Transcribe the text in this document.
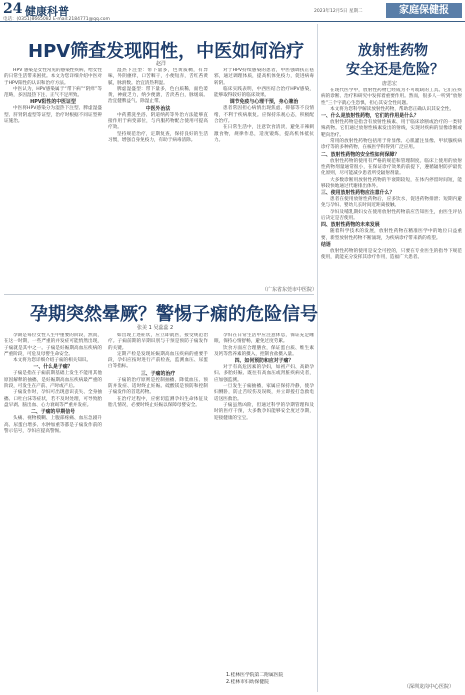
24 健康科普
电话：(0351)8665082 E-mail:2184771@qq.com
2023年12月5日 星期二	家庭保健报
HPV筛查发现阳性，中医如何治疗
赵洋

HPV 感染是女性常见的感染性疾病，给女性的日常生活带来困扰。本文为您详细介绍中医对于HPV阳性的认识和治疗方法。

中医认为，HPV感染属于“带下病”“阴痒”等范畴，多因湿热下注、正气不足所致。

HPV阳性的中医证型

中医将HPV感染分为湿热下注型、脾虚湿盛型、肝肾阴虚型等证型，治疗时根据不同证型辨证施治。

湿热下注型：带下量多，色黄质稠，有异味，外阴瘙痒，口苦咽干，小便短赤，舌红苔黄腻，脉滑数。治宜清热利湿。

脾虚湿盛型：带下量多，色白质稀，面色萎黄，神疲乏力，纳少便溏，舌淡苔白，脉缓弱。治宜健脾益气、除湿止带。

中医外治法

中药熏洗坐浴、阴道纳药等外治方法能够直接作用于病变部位，与内服药物配合使用可提高疗效。

坚持规范治疗，定期复查，保持良好的生活习惯，增强自身免疫力，有助于病毒清除。

对于HPV持续感染的患者，中医强调扶正祛邪，通过调理体质，提高机体免疫力，促进病毒转阴。

临床实践表明，中西医结合治疗HPV感染，能够取得较好的临床效果。

调节免疫与心理干预，身心兼治

患者常因担心病情出现焦虑、抑郁等不良情绪，不利于疾病康复。应保持乐观心态，积极配合治疗。

在日常生活中，注意饮食清淡，避免辛辣刺激食物，规律作息，适度锻炼，提高机体抵抗力。

（广东省东莞市中医院）
孕期突然晕厥？警惕子痫的危险信号
张美 1 吴蕊蕊 2

孕期是每位女性人生中重要的阶段，然而，在这一时期，一些严重的并发症可能悄然出现，子痫就是其中之一。子痫是妊娠期高血压疾病的严重阶段，可危及母婴生命安全。

本文将为您详细介绍子痫的相关知识。

一、什么是子痫？

子痫是指在子痫前期基础上发生不能用其他原因解释的抽搐，是妊娠期高血压疾病最严重的阶段，可发生在产前、产时或产后。

子痫发作时，孕妇可出现意识丧失、全身抽搐、口吐白沫等症状，若不及时处理，可导致胎盘早剥、脑出血、心力衰竭等严重并发症。

二、子痫的早期信号

头痛、视物模糊、上腹部疼痛、血压急剧升高、尿蛋白增多、水肿加重等都是子痫发作前的警示信号，孕妇应提高警惕。

如出现上述症状，应立即就医，接受规范治疗。子痫前期的早期识别与干预是预防子痫发作的关键。

定期产检是发现妊娠期高血压疾病的重要手段，孕妇应按时进行产前检查，监测血压、尿蛋白等指标。

三、子痫的治疗

子痫的治疗原则是控制抽搐、降低血压、预防并发症、适时终止妊娠。硫酸镁是预防和控制子痫发作的首选药物。

在治疗过程中，应密切监测孕妇生命体征及胎儿情况，必要时终止妊娠以保障母婴安全。

孕妇在日常生活中应注意休息，保证充足睡眠，保持心情舒畅，避免过度劳累。

饮食方面应合理膳食，保证蛋白质、维生素及钙等营养素的摄入，控制食盐摄入量。

四、如何预防和应对子痫？

对于有高危因素的孕妇，如初产妇、高龄孕妇、多胎妊娠、既往有高血压或肾脏疾病史者，应加强监测。

一旦发生子痫抽搐，家属应保持冷静，使孕妇侧卧，防止舌咬伤及误吸，并立即拨打急救电话送医救治。

子痫虽然凶险，但通过科学的孕期管理和及时的医疗干预，大多数孕妇能够安全度过孕期，迎接健康的宝宝。

1.桂林医学院第二附属医院
2.桂林市妇幼保健院
放射性药物
安全还是危险？
唐思宏

在现代医学中，放射性药物已经成为不可或缺的工具。它们在疾病的诊断、治疗和研究中发挥着重要作用。然而，很多人一听到“放射性”三个字就心生恐惧，担心其安全性问题。

本文将为您科学解读放射性药物，帮助您正确认识其安全性。

一、什么是放射性药物，它们的作用是什么？

放射性药物是指含有放射性核素、用于临床诊断或治疗的一类特殊药物。它们通过放射性核素发出的射线，实现对疾病的显像诊断或靶向治疗。

常用的放射性药物包括用于骨显像、心肌灌注显像、甲状腺疾病诊疗等的多种药物，在核医学科得到广泛应用。

二、放射性药物的安全性如何保障？

放射性药物的使用有严格的规范和管理制度。临床上使用的放射性药物剂量通常很小，在保证诊疗效果的前提下，遵循辐射防护最优化原则，尽可能减少患者所受辐射剂量。

大多数诊断用放射性药物的半衰期较短，在体内停留时间短，能够较快地通过代谢排出体外。

三、使用放射性药物应注意什么？

患者在使用放射性药物后，应多饮水，促进药物排泄；短期内避免与孕妇、婴幼儿长时间近距离接触。

孕妇及哺乳期妇女在使用放射性药物前应告知医生，由医生评估后决定是否使用。

四、放射性药物的未来发展

随着科学技术的发展，放射性药物在精准医学中的地位日益重要，新型放射性药物不断涌现，为疾病诊疗带来新的希望。

结语

放射性药物的使用是安全可控的，只要在专业医生的指导下规范使用，就能充分发挥其诊疗作用，造福广大患者。

（深圳龙岗中心医院）
